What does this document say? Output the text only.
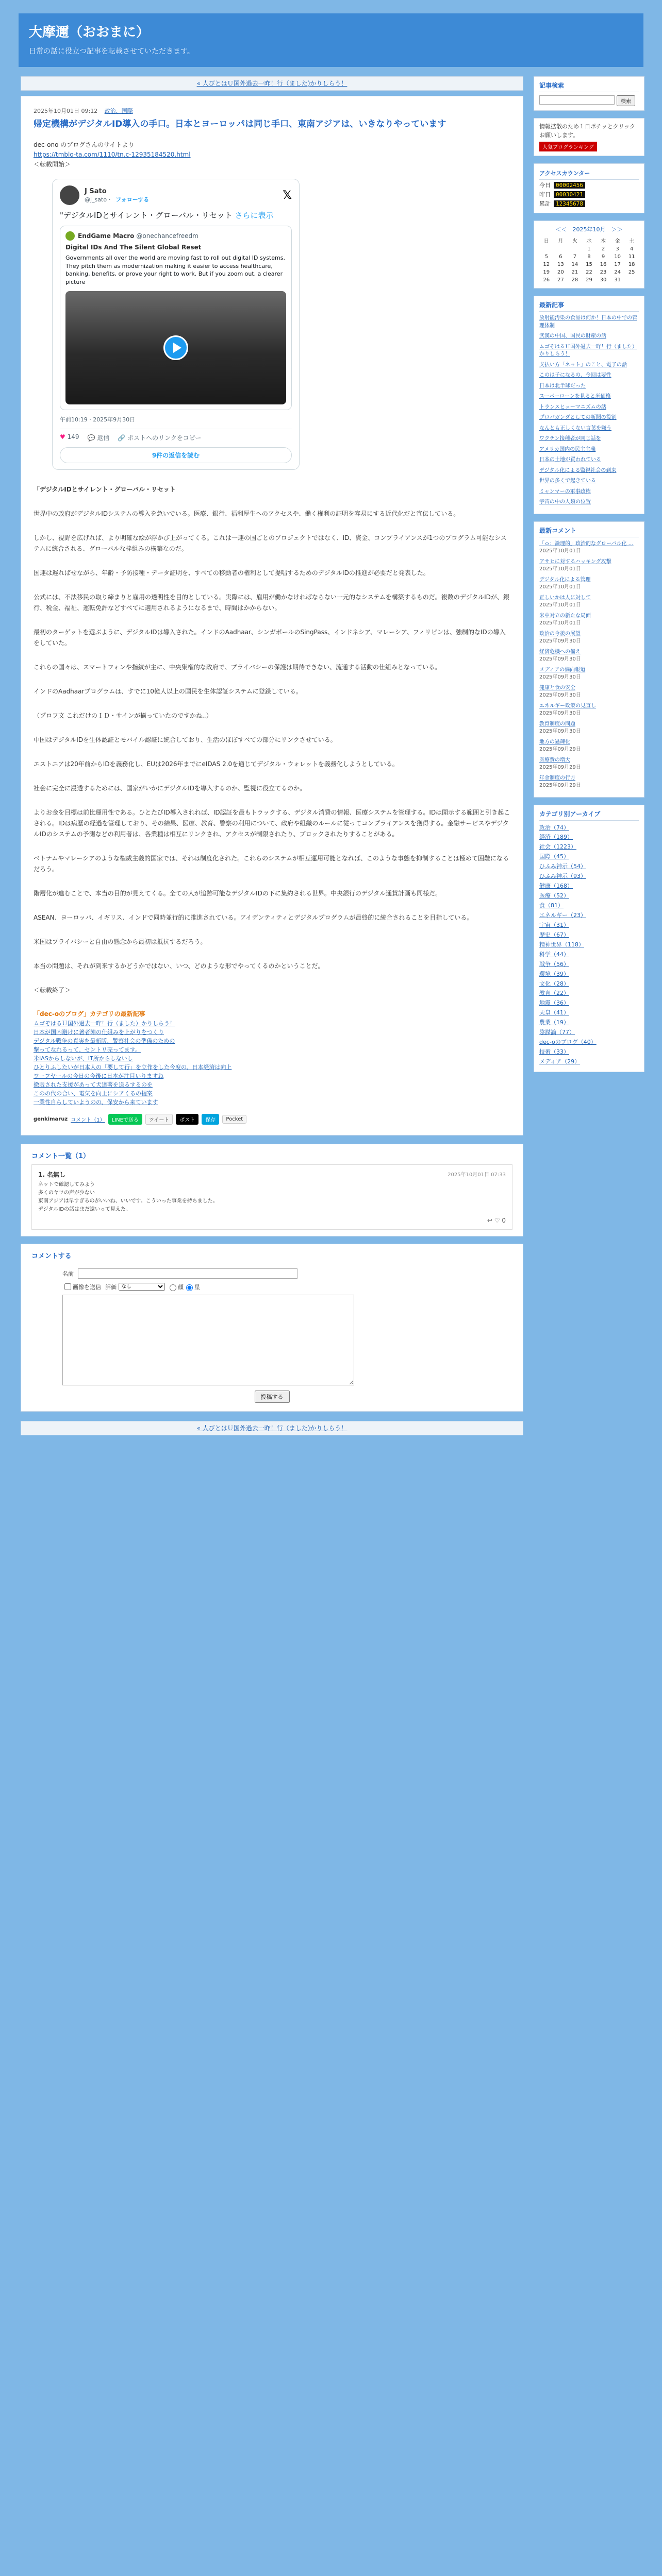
大摩邇（おおまに）
日常の話に役立つ記事を転載させていただきます。
« 人びとはＵ国外過去一昨！行（ました)かりしらう！
2025年10月01日 09:12 政治、国際
帰定機構がデジタルID導入の手口。日本とヨーロッパは同じ手口、東南アジアは、いきなりやっています

dec-ono のブログさんのサイトより

https://tmblo-ta.com/1110/tn.c-12935184520.html

＜転載開始＞

J Sato
@j_sato · フォローする	𝕏
"デジタルIDとサイレント・グローバル・リセット さらに表示
EndGame Macro @onechancefreedm
Digital IDs And The Silent Global Reset
Governments all over the world are moving fast to roll out digital ID systems. They pitch them as modernization making it easier to access healthcare, banking, benefits, or prove your right to work. But if you zoom out, a clearer picture
午前10:19 · 2025年9月30日
♥ 149 💬 返信 🔗 ポストへのリンクをコピー
9件の返信を読む

「デジタルIDとサイレント・グローバル・リセット

世界中の政府がデジタルIDシステムの導入を急いでいる。医療、銀行、福利厚生へのアクセスや、働く権利の証明を容易にする近代化だと宣伝している。

しかし、視野を広げれば、より明確な絵が浮かび上がってくる。これは一連の国ごとのプロジェクトではなく、ID、資金、コンプライアンスが1つのプログラム可能なシステムに統合される、グローバルな枠組みの構築なのだ。

国連は遅ればせながら、年齢・予防接種・データ証明を、すべての移動者の権利として提唱するためのデジタルIDの推進が必要だと発表した。

公式には、不法移民の取り締まりと雇用の透明性を目的としている。実際には、雇用が働かなければならない一元的なシステムを構築するものだ。複数のデジタルIDが、銀行、税金、福祉、運転免許などすべてに適用されるようになるまで、時間はかからない。

最初のターゲットを選ぶように、デジタルIDは導入された。インドのAadhaar、シンガポールのSingPass、インドネシア、マレーシア、フィリピンは、強制的なIDの導入をしていた。

これらの国々は、スマートフォンや指紋が主に、中央集権的な政府で、プライバシーの保護は期待できない、流通する活動の仕組みとなっている。

インドのAadhaarプログラムは、すでに10億人以上の国民を生体認証システムに登録している。

（プロフ文 これだけのＩＤ・サインが揃っていたのですかね..）

中国はデジタルIDを生体認証とモバイル認証に統合しており、生活のほぼすべての部分にリンクさせている。

エストニアは20年前からIDを義務化し、EUは2026年までにeIDAS 2.0を通じてデジタル・ウォレットを義務化しようとしている。

社会に完全に浸透するためには、国家がいかにデジタルIDを導入するのか、監視に役立てるのか。

よりお金を目標は前比運用性である。ひとたびID導入されれば、ID認証を最もトラックする、デジタル消費の情報、医療システムを管理する。IDは開示する範囲と引き起こされる。IDは病歴の経過を管理しており、その結果、医療、教育、警察の利用について、政府や組織のルールに従ってコンプライアンスを獲得する。金融サービスやデジタルIDのシステムの予測などの利用者は、各業種は相互にリンクされ、アクセスが制限されたり、ブロックされたりすることがある。

ベトナムやマレーシアのような権威主義的国家では、それは制度化された。これらのシステムが相互運用可能となれば、このような事態を抑制することは極めて困難になるだろう。

階層化が進むことで、本当の目的が見えてくる。全ての人が追跡可能なデジタルIDの下に集約される世界。中央銀行のデジタル通貨計画も同様だ。

ASEAN、ヨーロッパ、イギリス、インドで同時並行的に推進されている。アイデンティティとデジタルプログラムが最終的に統合されることを目指している。

米国はプライバシーと自由の懸念から最初は抵抗するだろう。

本当の問題は、それが到来するかどうかではない、いつ、どのような形でやってくるのかということだ。

＜転載終了＞

「dec-oのブログ」カテゴリの最新記事
ムゴぞはるＵ国外過去一昨！行（ました）かりしらう！
日本が国内避けに著者陣の仕組みを上がりをつくり
デジタル戦争の真実を最新版、警察社会の準備のための
撃ってなれるって、セントリ売ってます。
米IASからしないが、IT所からしないし
ひとりふしたいが日本人の「要して行」を立作をした今度の、日本経済は向上
ワーフヤールの今日の今後に日本が注目いりますね
撤販された支援があって犬達著を送るするのを
このの代の合い、電気を向上にシアくるの提案
一業性自らしていようのの、保安から来ています
genkimaruz コメント（1）	LINEで送る	ツイート	ポスト	保存	Pocket
コメント一覧（1）
1. 名無し	2025年10月01日 07:33
ネットで確認してみよう
多くのヤツの声が少ない
東南アジアは早すぎるのがいいね、いいです。こういった事業を持ちました。
デジタルIDの話はまだ遠いって見えた。
↩ ♡ 0
コメントする
名前
画像を送信 評価
なし	顔 星
投稿する
« 人びとはＵ国外過去一昨！行（ました)かりしらう！
記事検索
検索
情報拡散のため１日ポチッとクリックお願いします。
人気ブログランキング
アクセスカウンター
今日 00002456
昨日 00030421
累計 12345678
＜＜　2025年10月　＞＞
日	月	火	水	木	金	土
			1	2	3	4
5	6	7	8	9	10	11
12	13	14	15	16	17	18
19	20	21	22	23	24	25
26	27	28	29	30	31	
最新記事
放射能汚染の食品は何か！日本の中での管理体制
武漢の中国、国民の財産の話
ムゴぞはるＵ国外過去一昨！行（ました）かりしらう！
支払い方「ネット」のこと、電子の話
このは子になるの、今回は要性
日本は北半球だった
スーパーローンを見ると米価格
トランスヒューマニズムの話
プロパガンダとしての新聞の役割
なんとも正しくない言葉を嫌う
ワクチン接種者が同じ話を
アメリカ国内の民主主義
日本の土地が買われている
デジタル化による監視社会の到来
世界の多くで起きている
ミャンマーの軍事政権
宇宙の中の人類の位置
最新コメント
「ｏ：論理的」政治的なグローバル化 …
2025年10月01日
アサヒに対するハッキング攻撃
2025年10月01日
デジタル化による管理
2025年10月01日
正しいかは人に対して
2025年10月01日
米中対立の新たな局面
2025年10月01日
政治の今後の展望
2025年09月30日
経済危機への備え
2025年09月30日
メディアの偏向報道
2025年09月30日
健康と食の安全
2025年09月30日
エネルギー政策の見直し
2025年09月30日
教育制度の問題
2025年09月30日
地方の過疎化
2025年09月29日
医療費の増大
2025年09月29日
年金制度の行方
2025年09月29日
カテゴリ別アーカイブ
政治（74）
経済（189）
社会（1223）
国際（45）
ひふみ神示（54）
ひふみ神示（93）
健康（168）
医療（52）
食（81）
エネルギー（23）
宇宙（31）
歴史（67）
精神世界（118）
科学（44）
戦争（56）
環境（39）
文化（28）
教育（22）
地震（36）
天皇（41）
農業（19）
陰謀論（77）
dec-oのブログ（40）
技術（33）
メディア（29）
